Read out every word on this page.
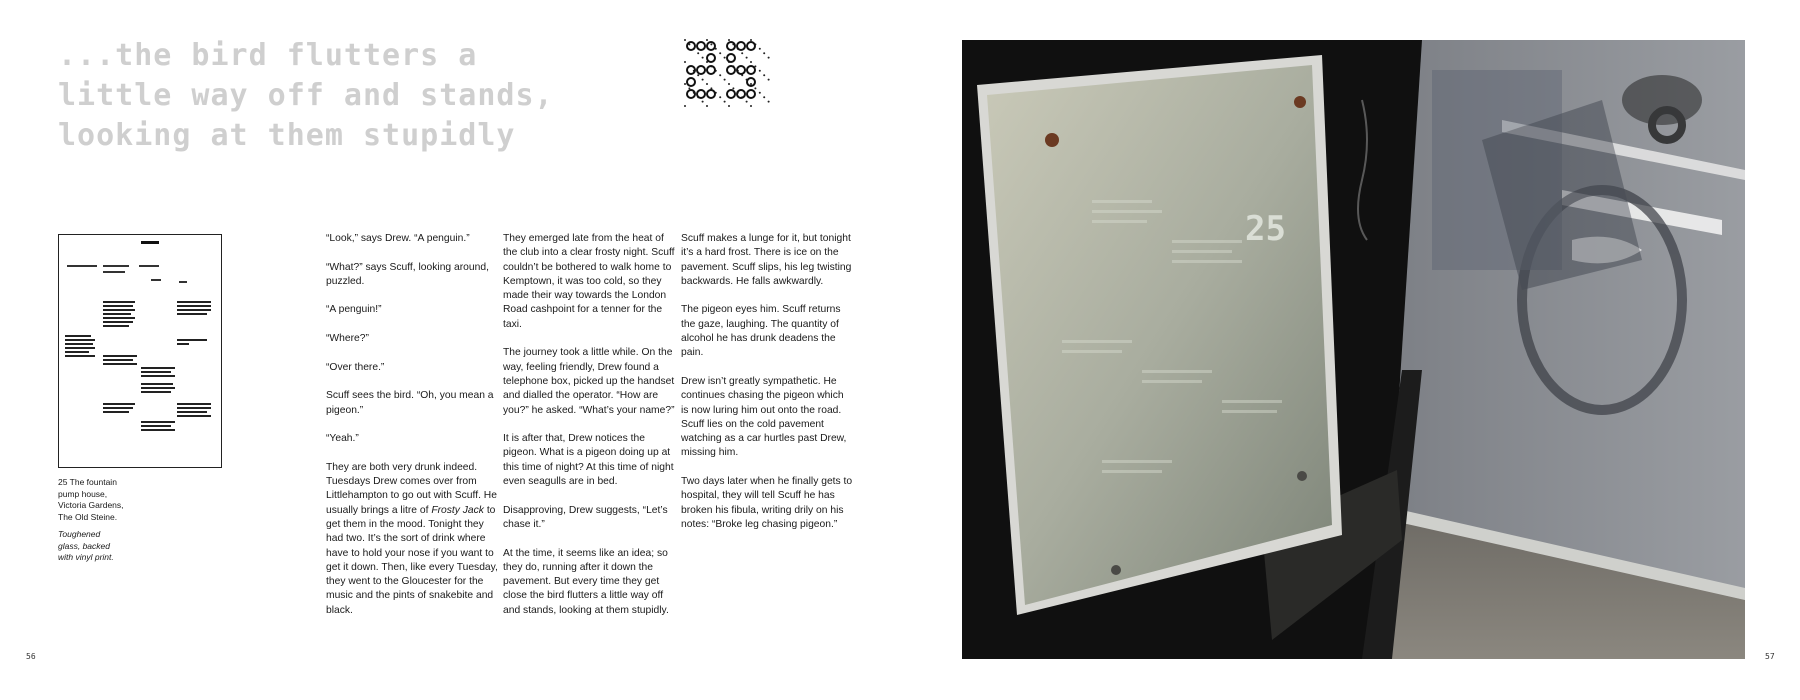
...the bird flutters a
little way off and stands,
looking at them stupidly

25 The fountain
pump house,
Victoria Gardens,
The Old Steine.

Toughened
glass, backed
with vinyl print.

“Look,” says Drew. “A penguin.”

“What?” says Scuff, looking around, puzzled.

“A penguin!”

“Where?”

“Over there.”

Scuff sees the bird. “Oh, you mean a pigeon.”

“Yeah.”

They are both very drunk indeed. Tuesdays Drew comes over from Littlehampton to go out with Scuff. He usually brings a litre of Frosty Jack to get them in the mood. Tonight they had two. It’s the sort of drink where have to hold your nose if you want to get it down. Then, like every Tuesday, they went to the Gloucester for the music and the pints of snakebite and black.

They emerged late from the heat of the club into a clear frosty night. Scuff couldn’t be bothered to walk home to Kemptown, it was too cold, so they made their way towards the London Road cashpoint for a tenner for the taxi.

The journey took a little while. On the way, feeling friendly, Drew found a telephone box, picked up the handset and dialled the operator. “How are you?” he asked. “What’s your name?”

It is after that, Drew notices the pigeon. What is a pigeon doing up at this time of night? At this time of night even seagulls are in bed.

Disapproving, Drew suggests, “Let’s chase it.”

At the time, it seems like an idea; so they do, running after it down the pavement. But every time they get close the bird flutters a little way off and stands, looking at them stupidly.

Scuff makes a lunge for it, but tonight it’s a hard frost. There is ice on the pavement. Scuff slips, his leg twisting backwards. He falls awkwardly.

The pigeon eyes him. Scuff returns the gaze, laughing. The quantity of alcohol he has drunk deadens the pain.

Drew isn’t greatly sympathetic. He continues chasing the pigeon which is now luring him out onto the road. Scuff lies on the cold pavement watching as a car hurtles past Drew, missing him.

Two days later when he finally gets to hospital, they will tell Scuff he has broken his fibula, writing drily on his notes: “Broke leg chasing pigeon.”

56	57
25
